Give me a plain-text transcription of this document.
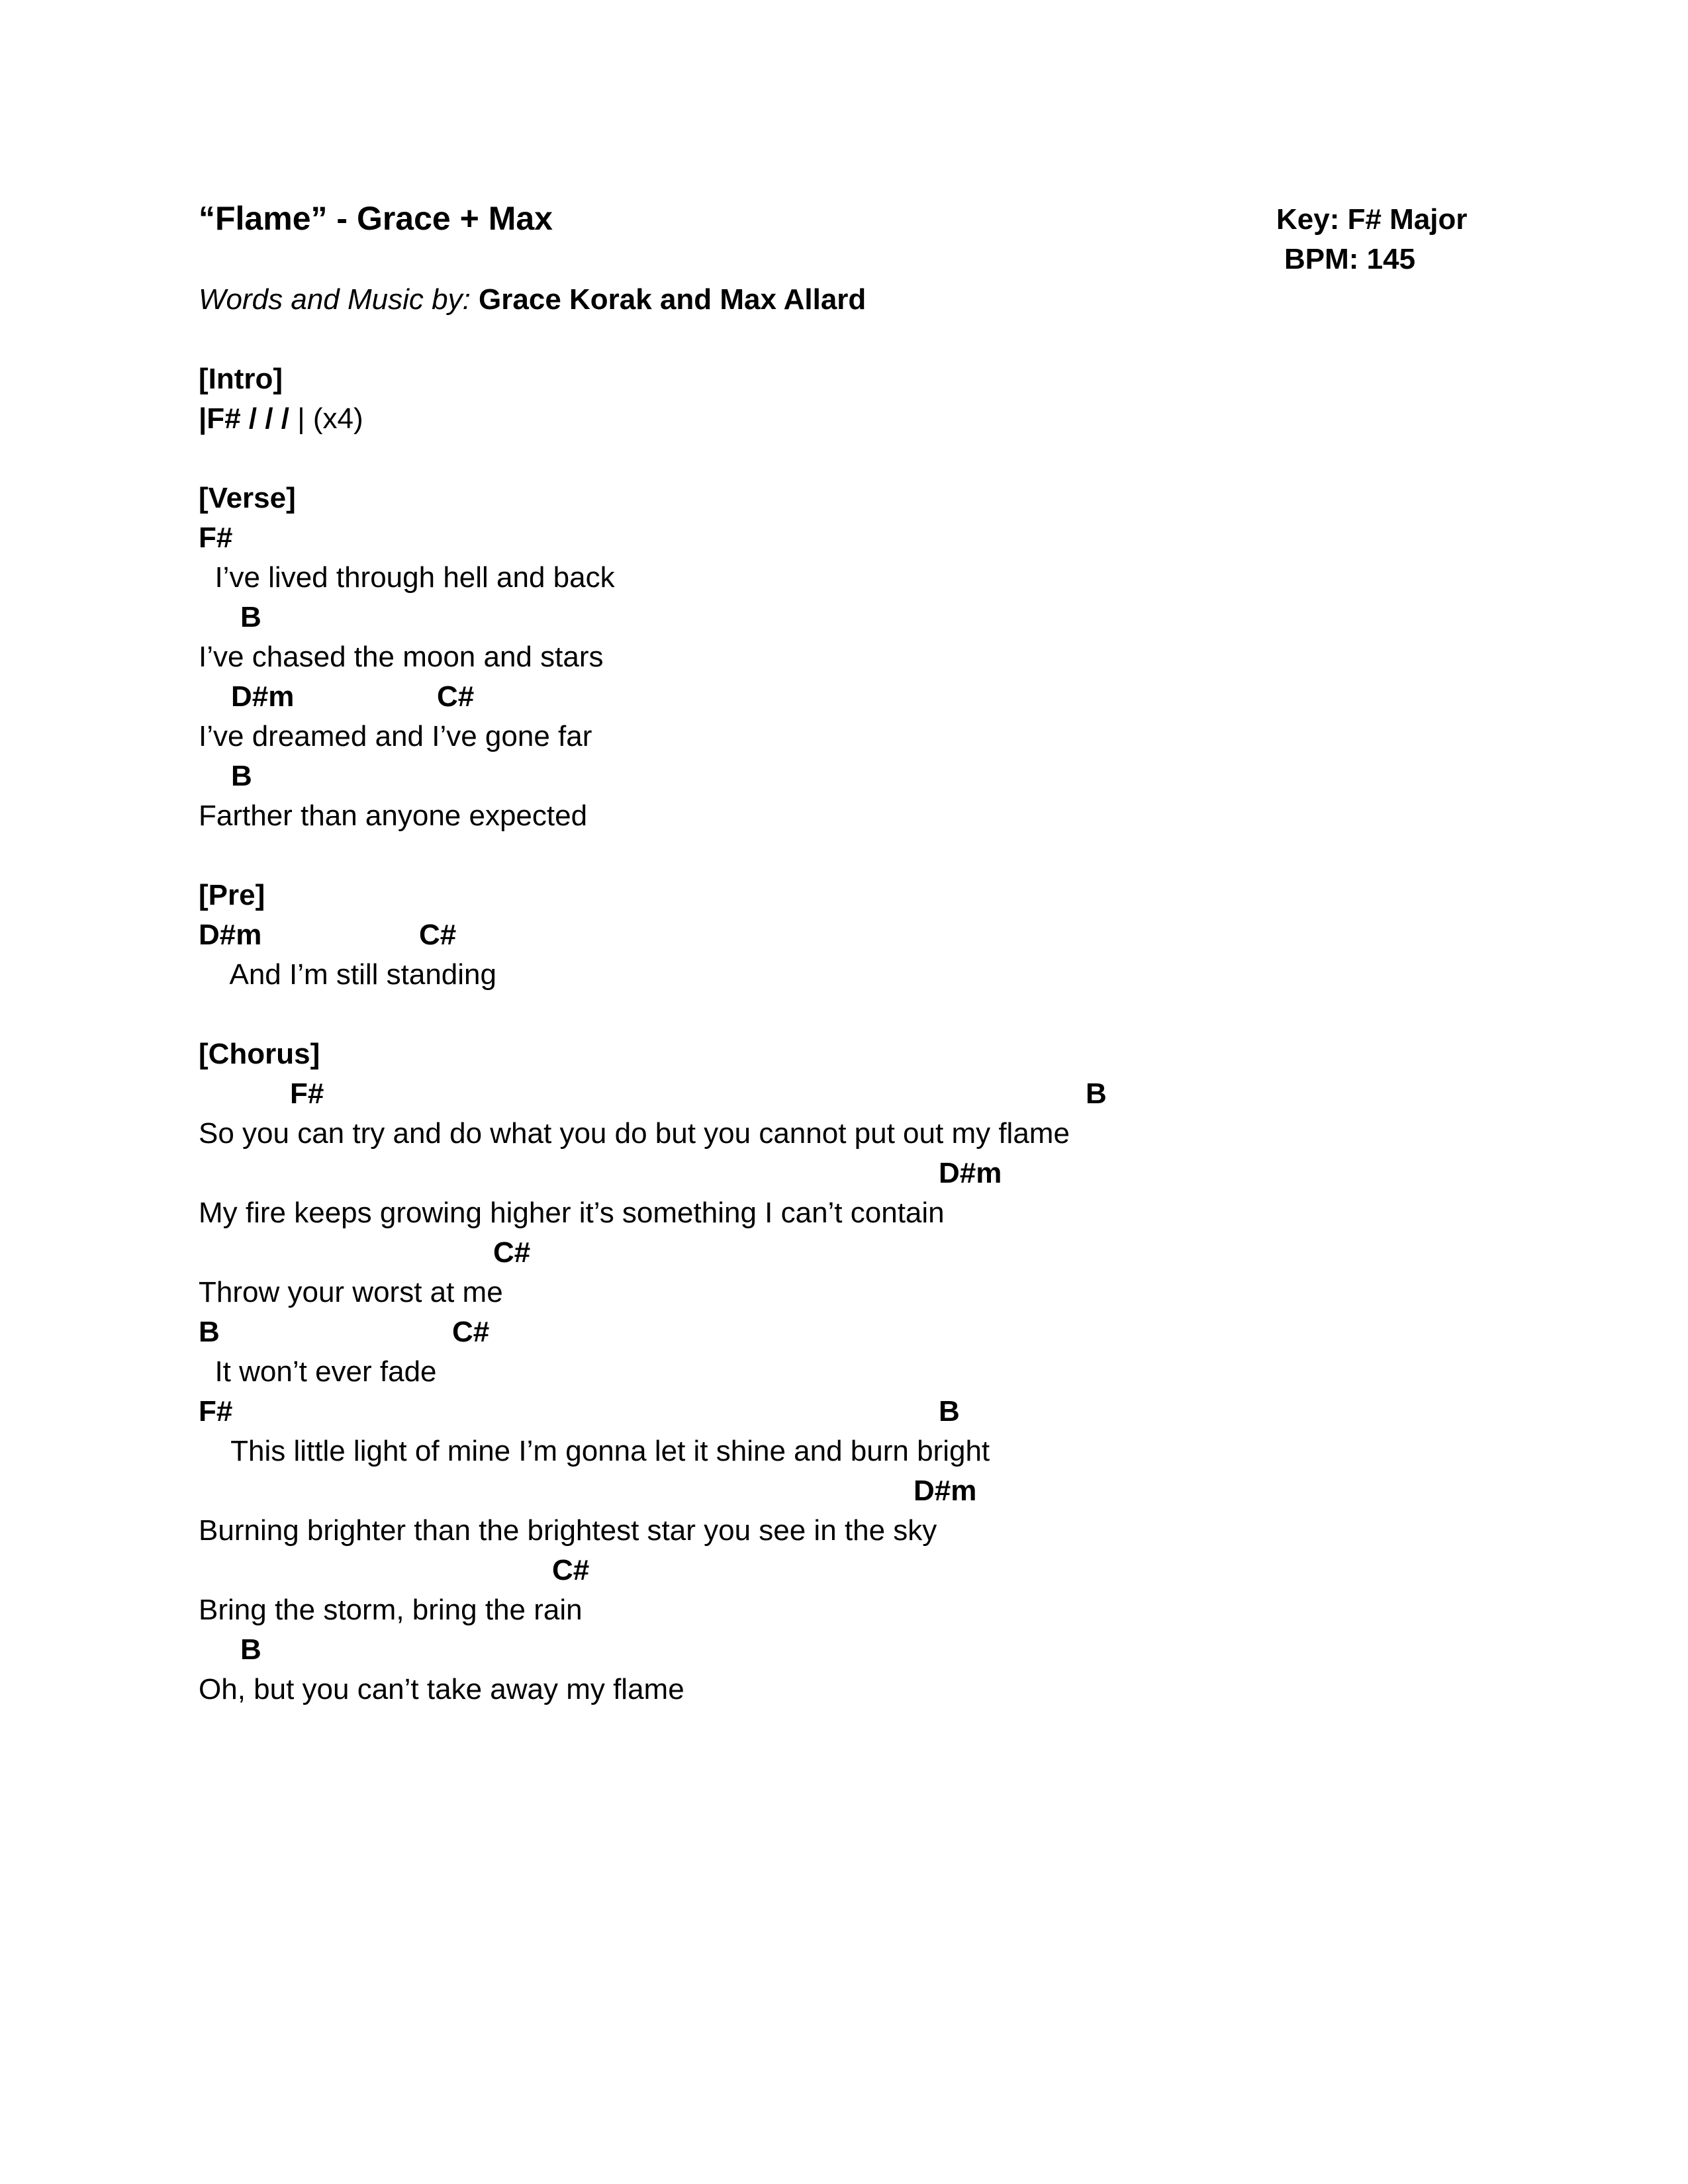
“Flame” - Grace + Max	Key: F# Major
BPM: 145
Words and Music by: Grace Korak and Max Allard
[Intro]
|F# / / / | (x4)
[Verse]
F#
I’ve lived through hell and back
B
I’ve chased the moon and stars
D#m	C#
I’ve dreamed and I’ve gone far
B
Farther than anyone expected
[Pre]
D#m	C#
And I’m still standing
[Chorus]
F#	B
So you can try and do what you do but you cannot put out my flame
D#m
My fire keeps growing higher it’s something I can’t contain
C#
Throw your worst at me
B	C#
It won’t ever fade
F#	B
This little light of mine I’m gonna let it shine and burn bright
D#m
Burning brighter than the brightest star you see in the sky
C#
Bring the storm, bring the rain
B
Oh, but you can’t take away my flame
